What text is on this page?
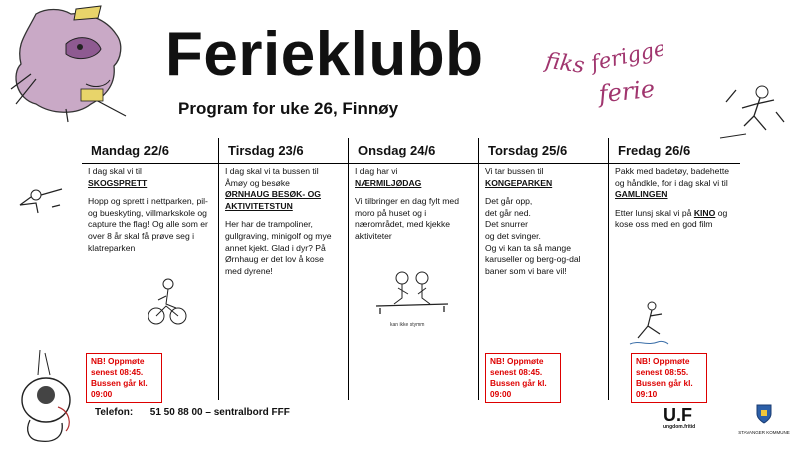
Ferieklubb
Program for uke 26, Finnøy
fiks ferigge
ferie
kan ikke stymm
Mandag 22/6

I dag skal vi til
SKOGSPRETT

Hopp og sprett i nettparken, pil- og bueskyting, villmarkskole og capture the flag! Og alle som er over 8 år skal få prøve seg i klatreparken

Tirsdag 23/6

I dag skal vi ta bussen til Åmøy og besøke
ØRNHAUG BESØK- OG AKTIVITETSTUN

Her har de trampoliner, gullgraving, minigolf og mye annet kjekt. Glad i dyr? På Ørnhaug er det lov å kose med dyrene!

Onsdag 24/6

I dag har vi
NÆRMILJØDAG

Vi tilbringer en dag fylt med moro på huset og i nærområdet, med kjekke aktiviteter

Torsdag 25/6

Vi tar bussen til
KONGEPARKEN

Det går opp,
det går ned.
Det snurrer
og det svinger.
Og vi kan ta så mange karuseller og berg-og-dal baner som vi bare vil!

Fredag 26/6

Pakk med badetøy, badehette og håndkle, for i dag skal vi til GAMLINGEN

Etter lunsj skal vi på KINO og kose oss med en god film

NB! Oppmøte senest 08:45. Bussen går kl. 09:00
NB! Oppmøte senest 08:45. Bussen går kl. 09:00
NB! Oppmøte senest 08:55. Bussen går kl. 09:10
Telefon: 51 50 88 00 – sentralbord FFF	U.F
ungdom.fritid
STAVANGER KOMMUNE
